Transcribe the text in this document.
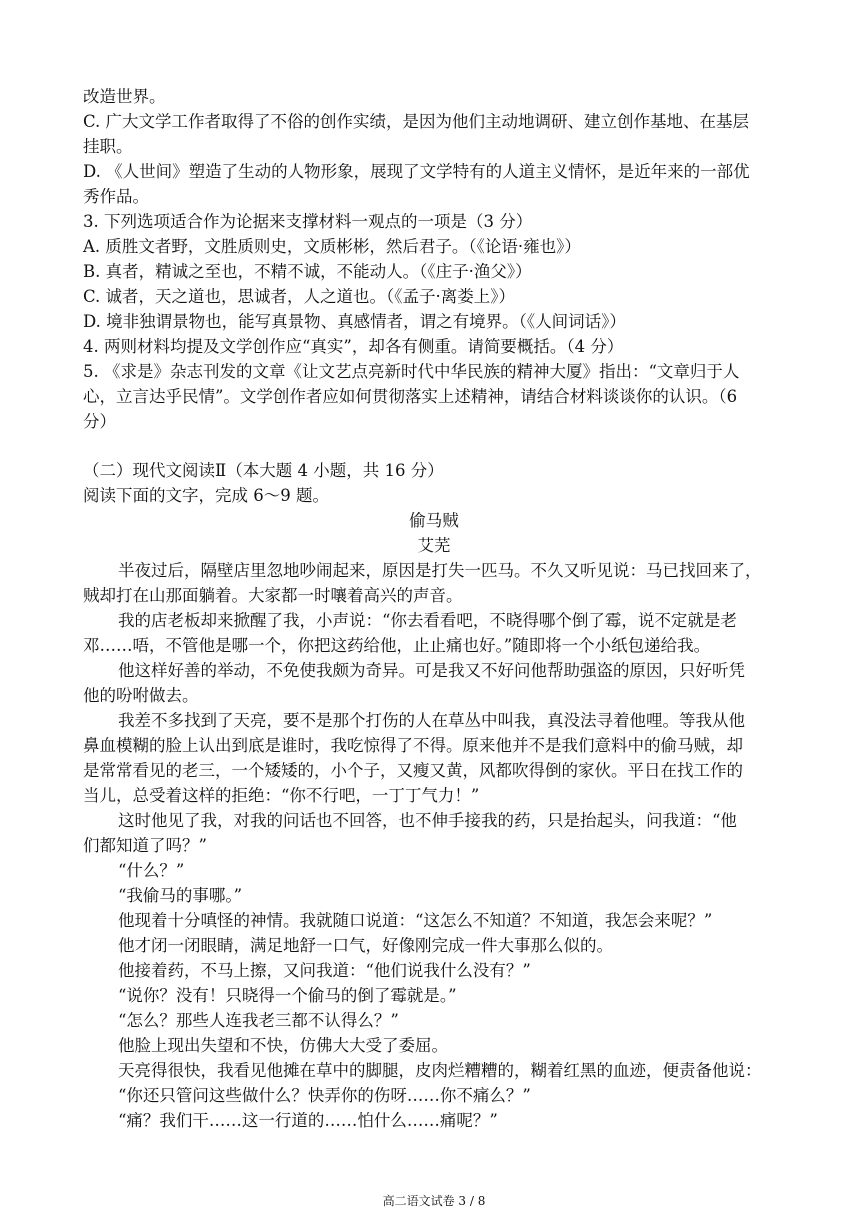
改造世界。
C. 广大文学工作者取得了不俗的创作实绩，是因为他们主动地调研、建立创作基地、在基层
挂职。
D. 《人世间》塑造了生动的人物形象，展现了文学特有的人道主义情怀，是近年来的一部优
秀作品。
3. 下列选项适合作为论据来支撑材料一观点的一项是（3 分）
A. 质胜文者野，文胜质则史，文质彬彬，然后君子。（《论语·雍也》）
B. 真者，精诚之至也，不精不诚，不能动人。（《庄子·渔父》）
C. 诚者，天之道也，思诚者，人之道也。（《孟子·离娄上》）
D. 境非独谓景物也，能写真景物、真感情者，谓之有境界。（《人间词话》）
4. 两则材料均提及文学创作应“真实”，却各有侧重。请简要概括。（4 分）
5. 《求是》杂志刊发的文章《让文艺点亮新时代中华民族的精神大厦》指出：“文章归于人
心，立言达乎民情”。文学创作者应如何贯彻落实上述精神，请结合材料谈谈你的认识。（6
分）
（二）现代文阅读Ⅱ（本大题 4 小题，共 16 分）
阅读下面的文字，完成 6～9 题。
偷马贼
艾芜
半夜过后，隔壁店里忽地吵闹起来，原因是打失一匹马。不久又听见说：马已找回来了，
贼却打在山那面躺着。大家都一时嚷着高兴的声音。
我的店老板却来掀醒了我，小声说：“你去看看吧，不晓得哪个倒了霉，说不定就是老
邓……唔，不管他是哪一个，你把这药给他，止止痛也好。”随即将一个小纸包递给我。
他这样好善的举动，不免使我颇为奇异。可是我又不好问他帮助强盗的原因，只好听凭
他的吩咐做去。
我差不多找到了天亮，要不是那个打伤的人在草丛中叫我，真没法寻着他哩。等我从他
鼻血模糊的脸上认出到底是谁时，我吃惊得了不得。原来他并不是我们意料中的偷马贼，却
是常常看见的老三，一个矮矮的，小个子，又瘦又黄，风都吹得倒的家伙。平日在找工作的
当儿，总受着这样的拒绝：“你不行吧，一丁丁气力！”
这时他见了我，对我的问话也不回答，也不伸手接我的药，只是抬起头，问我道：“他
们都知道了吗？”
“什么？”
“我偷马的事哪。”
他现着十分嗔怪的神情。我就随口说道：“这怎么不知道？不知道，我怎会来呢？”
他才闭一闭眼睛，满足地舒一口气，好像刚完成一件大事那么似的。
他接着药，不马上擦，又问我道：“他们说我什么没有？”
“说你？没有！只晓得一个偷马的倒了霉就是。”
“怎么？那些人连我老三都不认得么？”
他脸上现出失望和不快，仿佛大大受了委屈。
天亮得很快，我看见他摊在草中的脚腿，皮肉烂糟糟的，糊着红黑的血迹，便责备他说：
“你还只管问这些做什么？快弄你的伤呀……你不痛么？”
“痛？我们干……这一行道的……怕什么……痛呢？”
高二语文试卷 3 / 8
